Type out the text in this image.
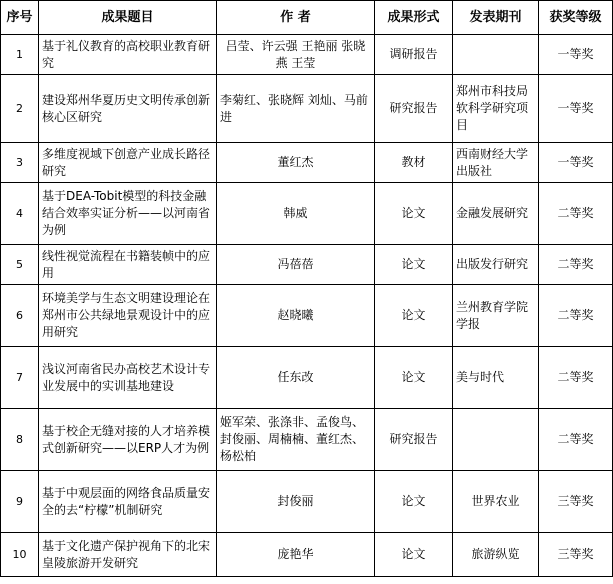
序号	成果题目	作 者	成果形式	发表期刊	获奖等级
1	基于礼仪教育的高校职业教育研究	吕莹、许云强 王艳丽 张晓燕 王莹	调研报告		一等奖
2	建设郑州华夏历史文明传承创新核心区研究	李菊红、张晓辉 刘灿、马前进	研究报告	郑州市科技局软科学研究项目	一等奖
3	多维度视域下创意产业成长路径研究	董红杰	教材	西南财经大学出版社	一等奖
4	基于DEA-Tobit模型的科技金融结合效率实证分析——以河南省为例	韩威	论文	金融发展研究	二等奖
5	线性视觉流程在书籍装帧中的应用	冯蓓蓓	论文	出版发行研究	二等奖
6	环境美学与生态文明建设理论在郑州市公共绿地景观设计中的应用研究	赵晓曦	论文	兰州教育学院学报	二等奖
7	浅议河南省民办高校艺术设计专业发展中的实训基地建设	任东改	论文	美与时代	二等奖
8	基于校企无缝对接的人才培养模式创新研究——以ERP人才为例	姬军荣、张涤非、孟俊鸟、封俊丽、周楠楠、董红杰、杨松柏	研究报告		二等奖
9	基于中观层面的网络食品质量安全的去“柠檬”机制研究	封俊丽	论文	世界农业	三等奖
10	基于文化遗产保护视角下的北宋皇陵旅游开发研究	庞艳华	论文	旅游纵览	三等奖
